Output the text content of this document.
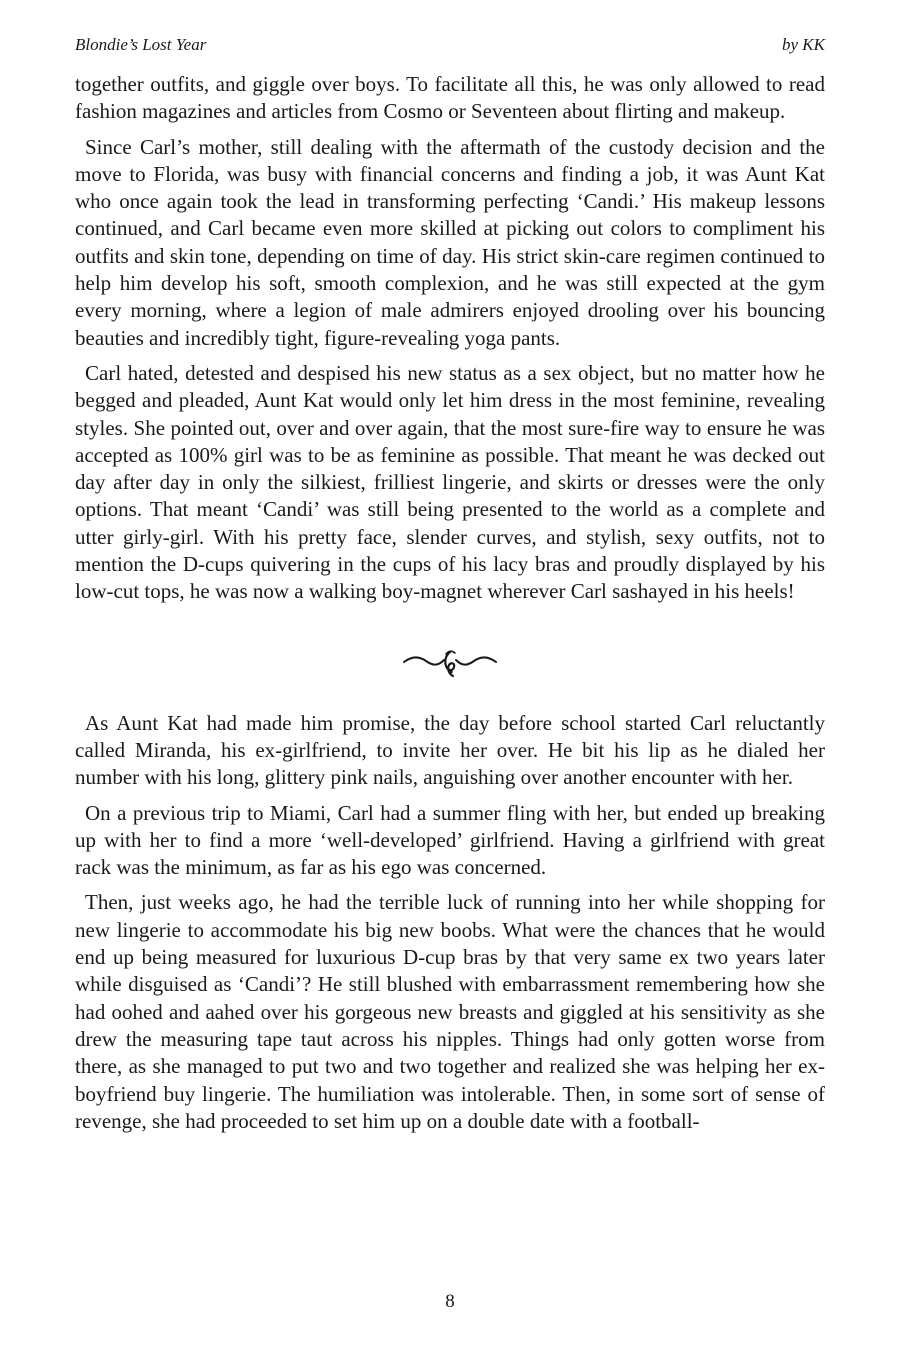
Blondie’s Lost Year	by KK

together outfits, and giggle over boys. To facilitate all this, he was only allowed to read fashion magazines and articles from Cosmo or Seventeen about flirting and makeup.

Since Carl’s mother, still dealing with the aftermath of the custody decision and the move to Florida, was busy with financial concerns and finding a job, it was Aunt Kat who once again took the lead in transforming perfecting ‘Candi.’ His makeup lessons continued, and Carl became even more skilled at picking out colors to compliment his outfits and skin tone, depending on time of day. His strict skin-care regimen continued to help him develop his soft, smooth complexion, and he was still expected at the gym every morning, where a legion of male admirers enjoyed drooling over his bouncing beauties and incredibly tight, figure-revealing yoga pants.

Carl hated, detested and despised his new status as a sex object, but no matter how he begged and pleaded, Aunt Kat would only let him dress in the most feminine, revealing styles. She pointed out, over and over again, that the most sure-fire way to ensure he was accepted as 100% girl was to be as feminine as possible. That meant he was decked out day after day in only the silkiest, frilliest lingerie, and skirts or dresses were the only options. That meant ‘Candi’ was still being presented to the world as a complete and utter girly-girl. With his pretty face, slender curves, and stylish, sexy outfits, not to mention the D-cups quivering in the cups of his lacy bras and proudly displayed by his low-cut tops, he was now a walking boy-magnet wherever Carl sashayed in his heels!

As Aunt Kat had made him promise, the day before school started Carl reluctantly called Miranda, his ex-girlfriend, to invite her over. He bit his lip as he dialed her number with his long, glittery pink nails, anguishing over another encounter with her.

On a previous trip to Miami, Carl had a summer fling with her, but ended up breaking up with her to find a more ‘well-developed’ girlfriend. Having a girlfriend with great rack was the minimum, as far as his ego was concerned.

Then, just weeks ago, he had the terrible luck of running into her while shopping for new lingerie to accommodate his big new boobs. What were the chances that he would end up being measured for luxurious D-cup bras by that very same ex two years later while disguised as ‘Candi’? He still blushed with embarrassment remembering how she had oohed and aahed over his gorgeous new breasts and giggled at his sensitivity as she drew the measuring tape taut across his nipples. Things had only gotten worse from there, as she managed to put two and two together and realized she was helping her ex-boyfriend buy lingerie. The humiliation was intolerable. Then, in some sort of sense of revenge, she had proceeded to set him up on a double date with a football-

8
